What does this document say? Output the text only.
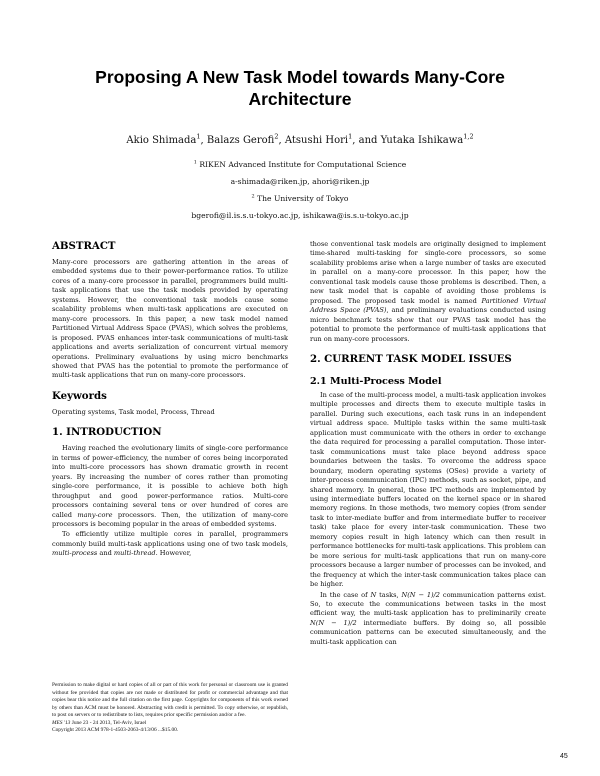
Proposing A New Task Model towards Many-Core
Architecture
Akio Shimada$^1$, Balazs Gerofi$^2$, Atsushi Hori$^1$, and Yutaka Ishikawa$^{1,2}$
$^1$ RIKEN Advanced Institute for Computational Science
a-shimada@riken.jp, ahori@riken.jp
$^2$ The University of Tokyo
bgerofi@il.is.s.u-tokyo.ac.jp, ishikawa@is.s.u-tokyo.ac.jp
ABSTRACT

Many-core processors are gathering attention in the areas of embedded systems due to their power-performance ratios. To utilize cores of a many-core processor in parallel, programmers build multi-task applications that use the task models provided by operating systems. However, the conventional task models cause some scalability problems when multi-task applications are executed on many-core processors. In this paper, a new task model named Partitioned Virtual Address Space (PVAS), which solves the problems, is proposed. PVAS enhances inter-task communications of multi-task applications and averts serialization of concurrent virtual memory operations. Preliminary evaluations by using micro benchmarks showed that PVAS has the potential to promote the performance of multi-task applications that run on many-core processors.

Keywords

Operating systems, Task model, Process, Thread

1. INTRODUCTION

Having reached the evolutionary limits of single-core performance in terms of power-efficiency, the number of cores being incorporated into multi-core processors has shown dramatic growth in recent years. By increasing the number of cores rather than promoting single-core performance, it is possible to achieve both high throughput and good power-performance ratios. Multi-core processors containing several tens or over hundred of cores are called many-core processors. Then, the utilization of many-core processors is becoming popular in the areas of embedded systems.

To efficiently utilize multiple cores in parallel, programmers commonly build multi-task applications using one of two task models, multi-process and multi-thread. However,

Permission to make digital or hard copies of all or part of this work for personal or classroom use is granted without fee provided that copies are not made or distributed for profit or commercial advantage and that copies bear this notice and the full citation on the first page. Copyrights for components of this work owned by others than ACM must be honored. Abstracting with credit is permitted. To copy otherwise, or republish, to post on servers or to redistribute to lists, requires prior specific permission and/or a fee.
MES '13 June 23 - 24 2013, Tel-Aviv, Israel
Copyright 2013 ACM 978-1-4503-2063-4/13/06 ...$15.00.

those conventional task models are originally designed to implement time-shared multi-tasking for single-core processors, so some scalability problems arise when a large number of tasks are executed in parallel on a many-core processor. In this paper, how the conventional task models cause those problems is described. Then, a new task model that is capable of avoiding those problems is proposed. The proposed task model is named Partitioned Virtual Address Space (PVAS), and preliminary evaluations conducted using micro benchmark tests show that our PVAS task model has the potential to promote the performance of multi-task applications that run on many-core processors.

2. CURRENT TASK MODEL ISSUES
2.1 Multi-Process Model

In case of the multi-process model, a multi-task application invokes multiple processes and directs them to execute multiple tasks in parallel. During such executions, each task runs in an independent virtual address space. Multiple tasks within the same multi-task application must communicate with the others in order to exchange the data required for processing a parallel computation. Those inter-task communications must take place beyond address space boundaries between the tasks. To overcome the address space boundary, modern operating systems (OSes) provide a variety of inter-process communication (IPC) methods, such as socket, pipe, and shared memory. In general, those IPC methods are implemented by using intermediate buffers located on the kernel space or in shared memory regions. In those methods, two memory copies (from sender task to inter-mediate buffer and from intermediate buffer to receiver task) take place for every inter-task communication. These two memory copies result in high latency which can then result in performance bottlenecks for multi-task applications. This problem can be more serious for multi-task applications that run on many-core processors because a larger number of processes can be invoked, and the frequency at which the inter-task communication takes place can be higher.

In the case of N tasks, N(N − 1)/2 communication patterns exist. So, to execute the communications between tasks in the most efficient way, the multi-task application has to preliminarily create N(N − 1)/2 intermediate buffers. By doing so, all possible communication patterns can be executed simultaneously, and the multi-task application can

45
